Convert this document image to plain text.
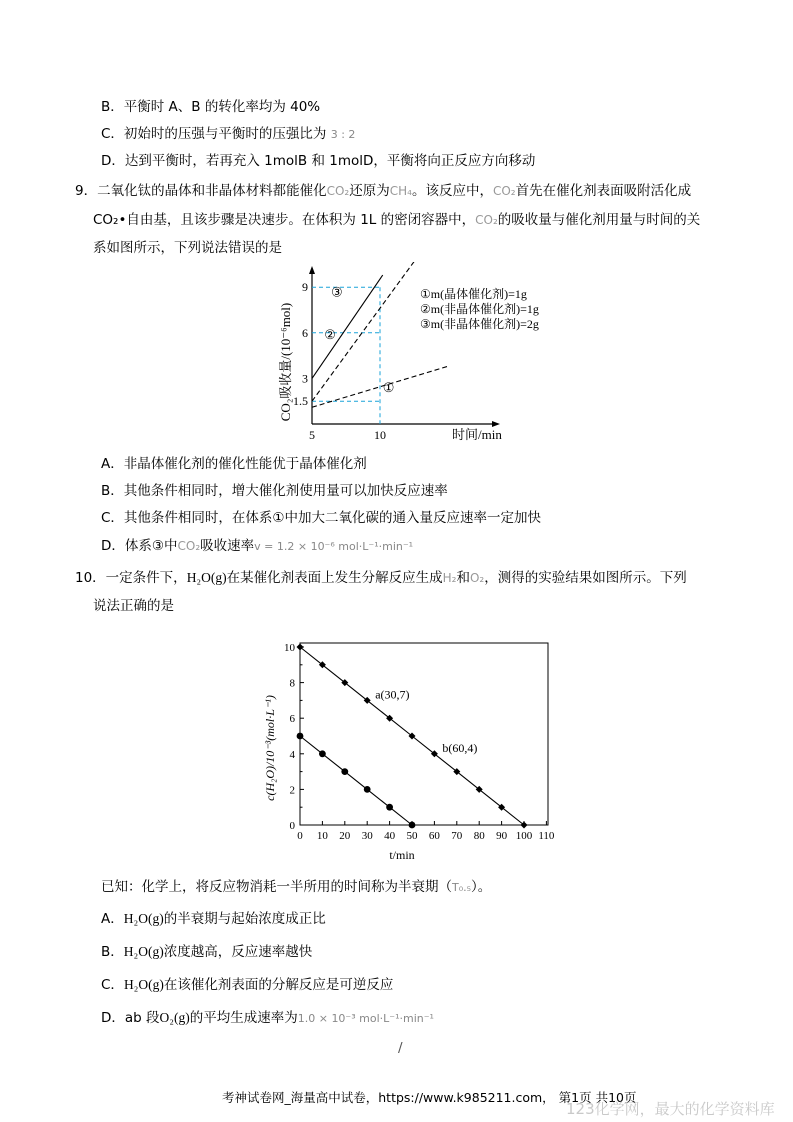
B．平衡时 A、B 的转化率均为 40%
C．初始时的压强与平衡时的压强比为 3 : 2
D．达到平衡时，若再充入 1molB 和 1molD，平衡将向正反应方向移动
9．二氧化钛的晶体和非晶体材料都能催化CO₂还原为CH₄。该反应中，CO₂首先在催化剂表面吸附活化成
CO₂•自由基，且该步骤是决速步。在体积为 1L 的密闭容器中，CO₂的吸收量与催化剂用量与时间的关
系如图所示，下列说法错误的是
1.5
3
6
9
5	10
CO₂吸收量/(10⁻⁶mol)
时间/min
①m(晶体催化剂)=1g
②m(非晶体催化剂)=1g
③m(非晶体催化剂)=2g
①
②
③
A．非晶体催化剂的催化性能优于晶体催化剂
B．其他条件相同时，增大催化剂使用量可以加快反应速率
C．其他条件相同时，在体系①中加大二氧化碳的通入量反应速率一定加快
D．体系③中CO₂吸收速率v = 1.2 × 10⁻⁶ mol·L⁻¹·min⁻¹
10．一定条件下，H₂O(g)在某催化剂表面上发生分解反应生成H₂和O₂，测得的实验结果如图所示。下列
说法正确的是
0
2
4
6
8
10
0 10 20 30 40 50 60 70 80 90 100 110
a(30,7)
b(60,4)
c(H₂O)/10⁻³(mol·L⁻¹)
t/min
已知：化学上，将反应物消耗一半所用的时间称为半衰期（T₀.₅）。
A．H₂O(g)的半衰期与起始浓度成正比
B．H₂O(g)浓度越高，反应速率越快
C．H₂O(g)在该催化剂表面的分解反应是可逆反应
D．ab 段O₂(g)的平均生成速率为1.0 × 10⁻³ mol·L⁻¹·min⁻¹
/
考神试卷网_海量高中试卷，https://www.k985211.com， 第1页 共10页
123化学网，最大的化学资料库
